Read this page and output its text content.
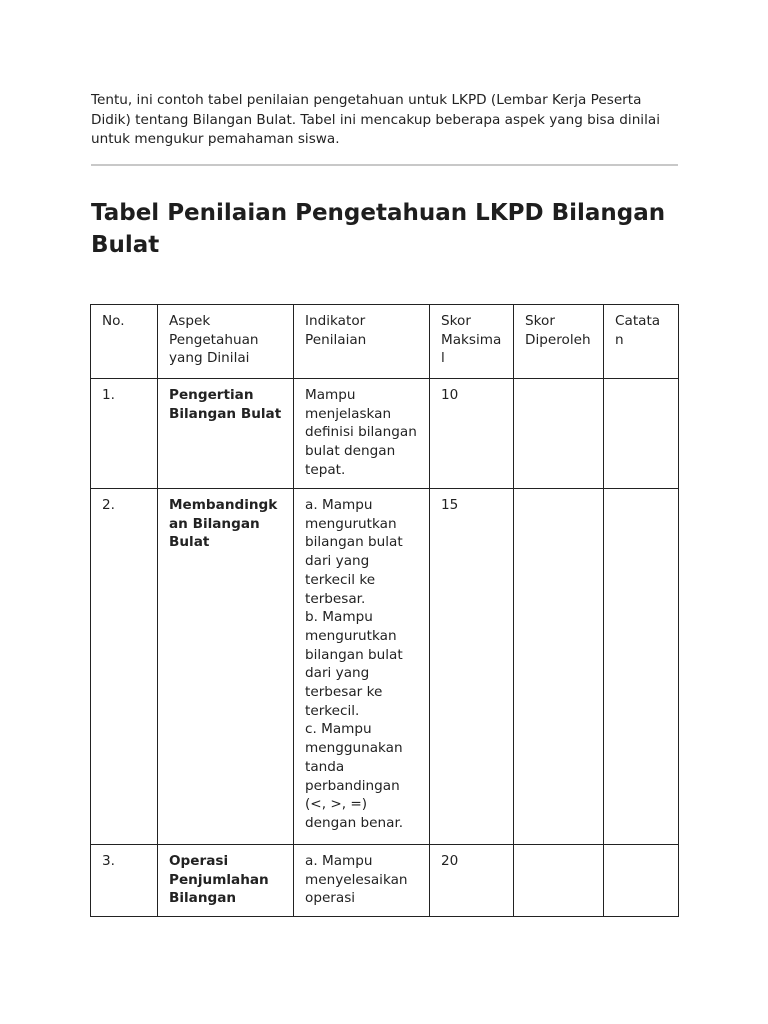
Tentu, ini contoh tabel penilaian pengetahuan untuk LKPD (Lembar Kerja Peserta
Didik) tentang Bilangan Bulat. Tabel ini mencakup beberapa aspek yang bisa dinilai
untuk mengukur pemahaman siswa.

Tabel Penilaian Pengetahuan LKPD Bilangan
Bulat
No.	Aspek Pengetahuan yang Dinilai	Indikator Penilaian	Skor Maksimal	Skor Diperoleh	Catatan
1.	Pengertian Bilangan Bulat	Mampu menjelaskan definisi bilangan bulat dengan tepat.	10		
2.	Membandingkan Bilangan Bulat	a. Mampu mengurutkan bilangan bulat dari yang terkecil ke terbesar.
b. Mampu mengurutkan bilangan bulat dari yang terbesar ke terkecil.
c. Mampu menggunakan tanda perbandingan (<, >, =) dengan benar.	15		
3.	Operasi Penjumlahan Bilangan	a. Mampu menyelesaikan operasi	20		
